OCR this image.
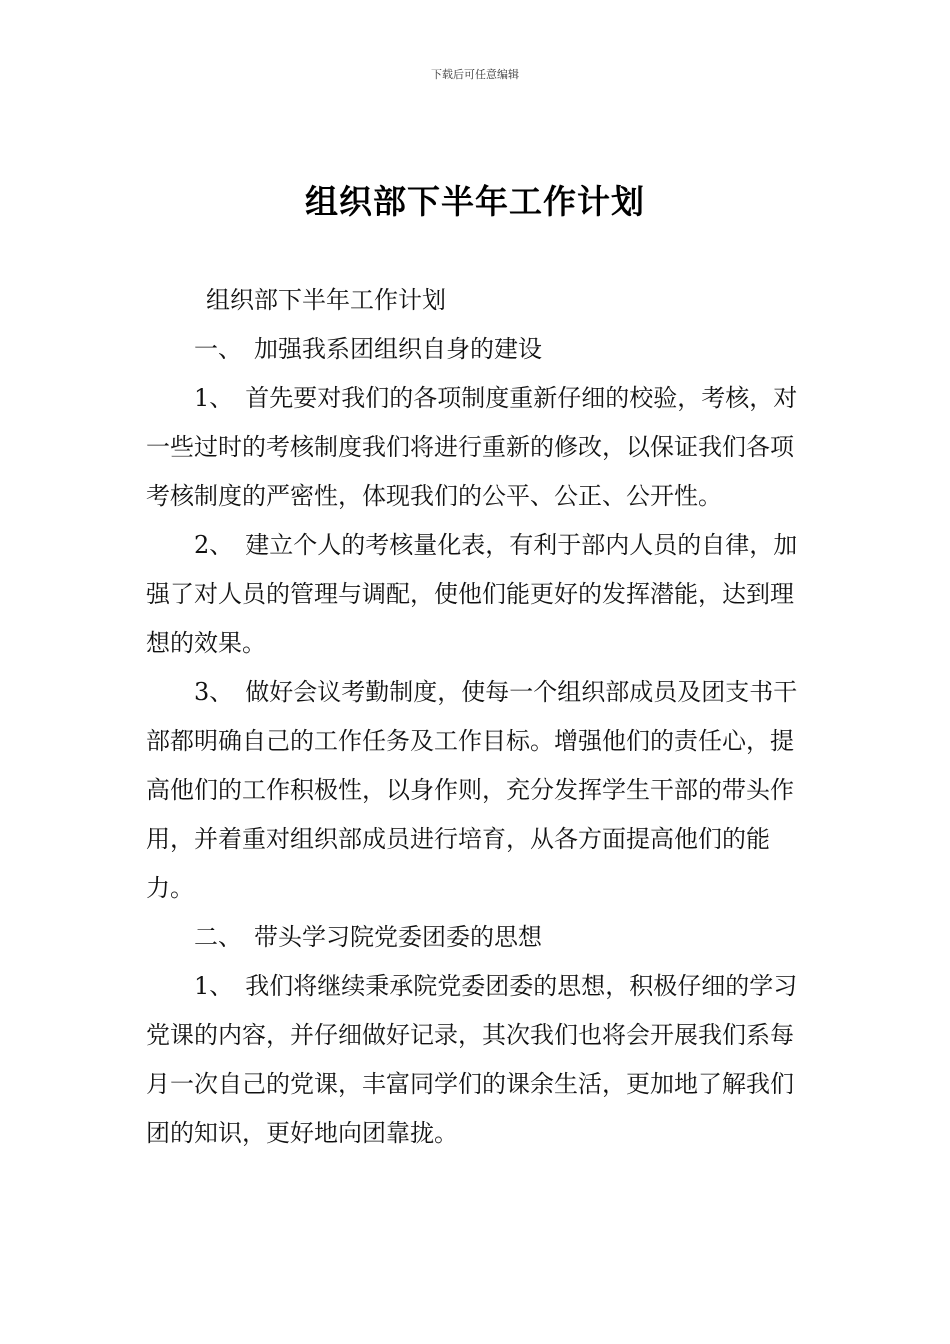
下载后可任意编辑
组织部下半年工作计划

组织部下半年工作计划

一、 加强我系团组织自身的建设

1、 首先要对我们的各项制度重新仔细的校验，考核，对一些过时的考核制度我们将进行重新的修改，以保证我们各项考核制度的严密性，体现我们的公平、公正、公开性。

2、 建立个人的考核量化表，有利于部内人员的自律，加强了对人员的管理与调配，使他们能更好的发挥潜能，达到理想的效果。

3、 做好会议考勤制度，使每一个组织部成员及团支书干部都明确自己的工作任务及工作目标。增强他们的责任心，提高他们的工作积极性，以身作则，充分发挥学生干部的带头作用，并着重对组织部成员进行培育，从各方面提高他们的能力。

二、 带头学习院党委团委的思想

1、 我们将继续秉承院党委团委的思想，积极仔细的学习党课的内容，并仔细做好记录，其次我们也将会开展我们系每月一次自己的党课，丰富同学们的课余生活，更加地了解我们团的知识，更好地向团靠拢。
